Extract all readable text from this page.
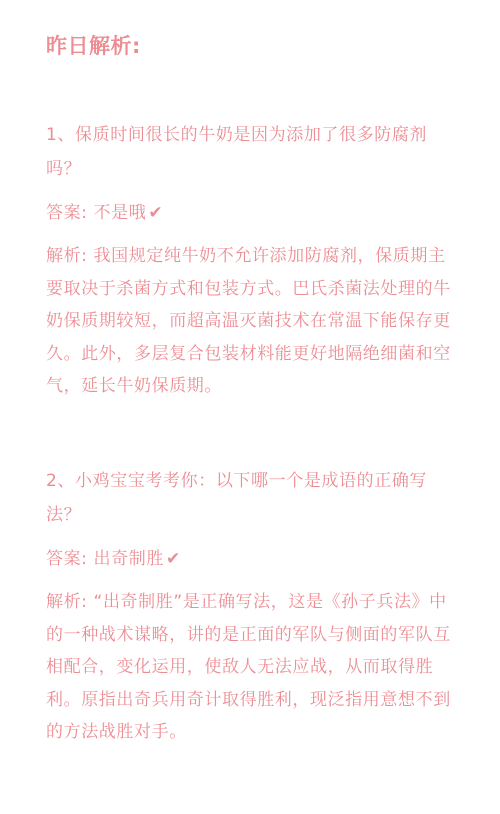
昨日解析:

1、保质时间很长的牛奶是因为添加了很多防腐剂吗？

答案: 不是哦 ✔
解析: 我国规定纯牛奶不允许添加防腐剂，保质期主要取决于杀菌方式和包装方式。巴氏杀菌法处理的牛奶保质期较短，而超高温灭菌技术在常温下能保存更久。此外，多层复合包装材料能更好地隔绝细菌和空气，延长牛奶保质期。

2、小鸡宝宝考考你：以下哪一个是成语的正确写法？

答案: 出奇制胜 ✔
解析: “出奇制胜”是正确写法，这是《孙子兵法》中的一种战术谋略，讲的是正面的军队与侧面的军队互相配合，变化运用，使敌人无法应战，从而取得胜利。原指出奇兵用奇计取得胜利，现泛指用意想不到的方法战胜对手。
